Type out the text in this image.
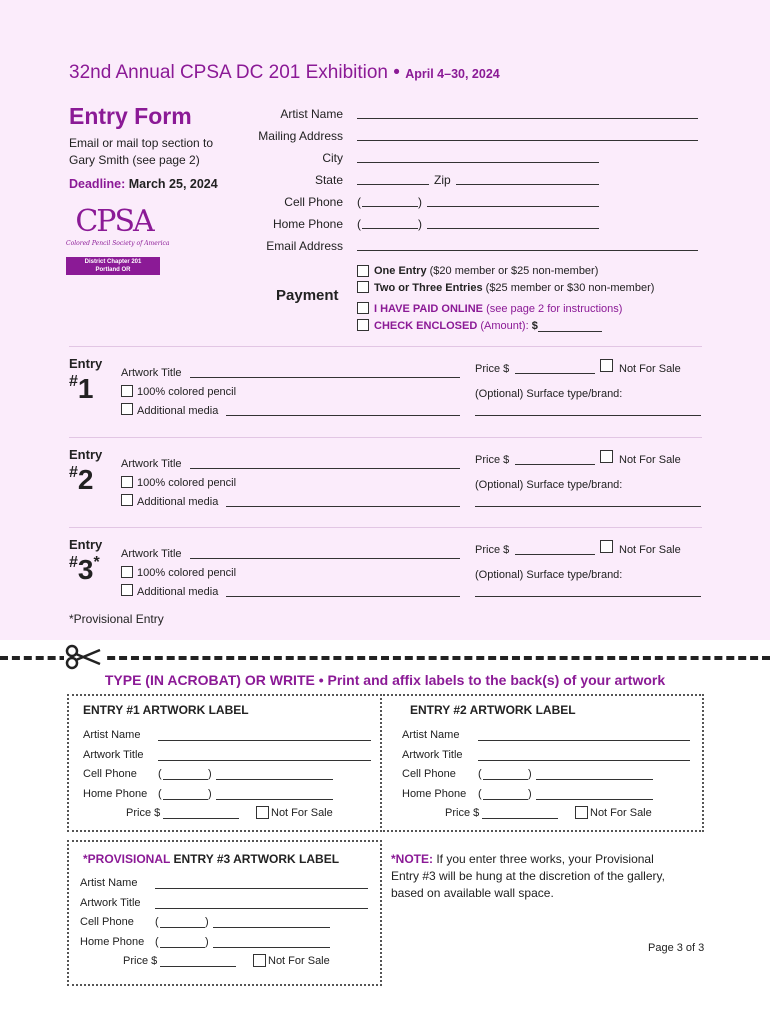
32nd Annual CPSA DC 201 Exhibition • April 4–30, 2024
Entry Form
Email or mail top section to
Gary Smith (see page 2)
Deadline: March 25, 2024
CPSA
Colored Pencil Society of America
District Chapter 201
Portland OR
Artist Name
Mailing Address
City
State	Zip
Cell Phone (	)
Home Phone (	)
Email Address
Payment
One Entry ($20 member or $25 non-member)
Two or Three Entries ($25 member or $30 non-member)
I HAVE PAID ONLINE (see page 2 for instructions)
CHECK ENCLOSED (Amount): $
Entry
#1	Artwork Title
100% colored pencil
Additional media
Price $	Not For Sale
(Optional) Surface type/brand:
Entry
#2	Artwork Title
100% colored pencil
Additional media
Price $	Not For Sale
(Optional) Surface type/brand:
Entry
#3* Artwork Title
100% colored pencil
Additional media
Price $	Not For Sale
(Optional) Surface type/brand:
*Provisional Entry
TYPE (IN ACROBAT) OR WRITE • Print and affix labels to the back(s) of your artwork
ENTRY #1 ARTWORK LABEL
Artist Name
Artwork Title
Cell Phone (	)
Home Phone (	)
Price $	Not For Sale
ENTRY #2 ARTWORK LABEL
Artist Name
Artwork Title
Cell Phone (	)
Home Phone (	)
Price $	Not For Sale
Artist Name
Artwork Title
Cell Phone (	)
Home Phone (	)
Price $	Not For Sale
*PROVISIONAL ENTRY #3 ARTWORK LABEL	*NOTE: If you enter three works, your Provisional
Entry #3 will be hung at the discretion of the gallery,
based on available wall space.
Page 3 of 3
